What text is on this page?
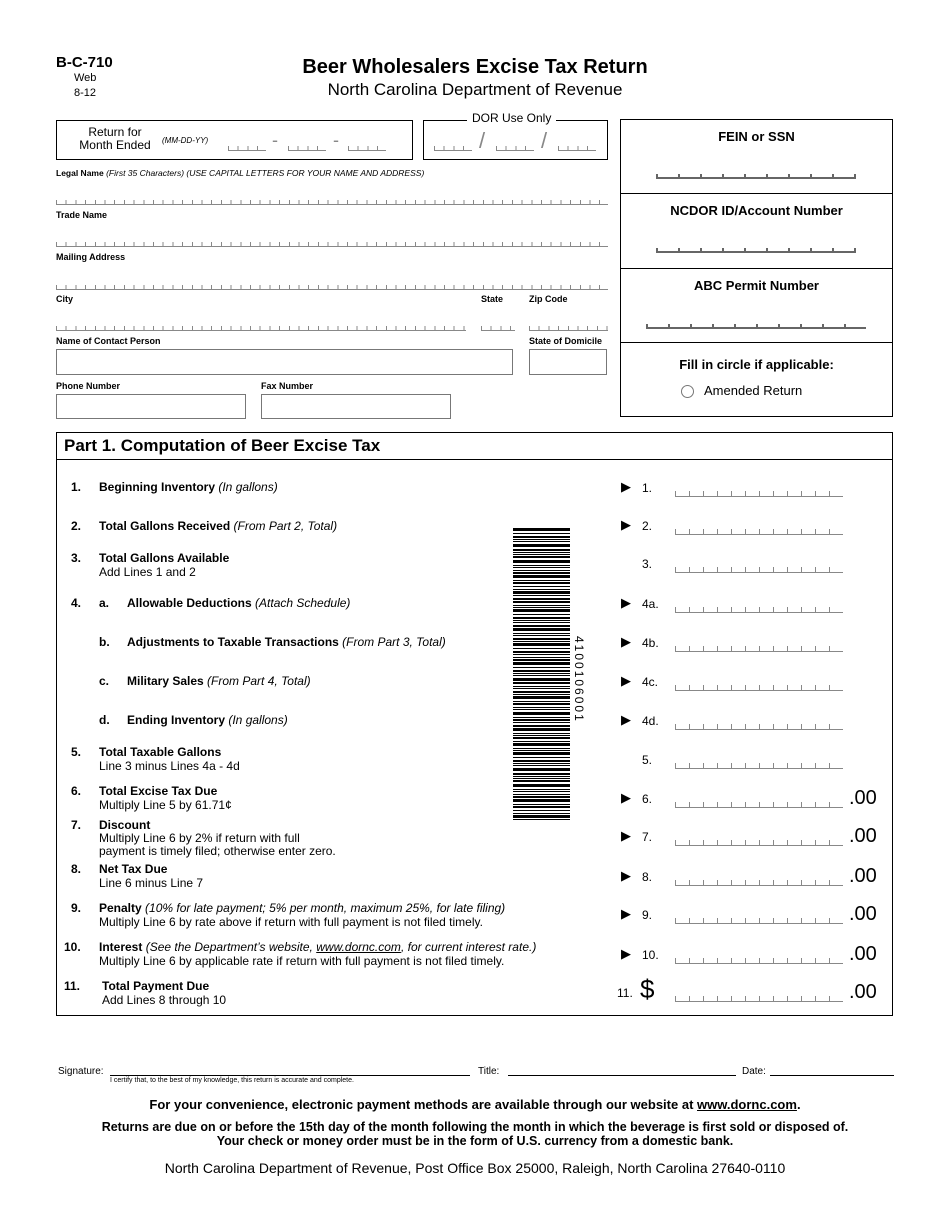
B-C-710
Web
8-12
Beer Wholesalers Excise Tax Return
North Carolina Department of Revenue
Return for
Month Ended	(MM-DD-YY)	-	-
DOR Use Only
/	/	FEIN or SSN
NCDOR ID/Account Number
ABC Permit Number
Fill in circle if applicable:
Amended Return
Legal Name (First 35 Characters) (USE CAPITAL LETTERS FOR YOUR NAME AND ADDRESS)
Trade Name
Mailing Address
City	State	Zip Code
Name of Contact Person	State of Domicile
Phone Number	Fax Number
Part 1. Computation of Beer Excise Tax
4100106001
1. Beginning Inventory (In gallons)	▶ 1.
2. Total Gallons Received (From Part 2, Total)	▶ 2.
3. Total Gallons Available
Add Lines 1 and 2
3.
4. a. Allowable Deductions (Attach Schedule)	▶ 4a.
b. Adjustments to Taxable Transactions (From Part 3, Total)	▶ 4b.
c. Military Sales (From Part 4, Total)	▶ 4c.
d. Ending Inventory (In gallons)	▶ 4d.
5. Total Taxable Gallons
Line 3 minus Lines 4a - 4d	5.
6. Total Excise Tax Due
Multiply Line 5 by 61.71¢	▶ 6.	.00
7. Discount
Multiply Line 6 by 2% if return with full
payment is timely filed; otherwise enter zero.
▶ 7.	.00
8. Net Tax Due
Line 6 minus Line 7	▶ 8.	.00
9. Penalty (10% for late payment; 5% per month, maximum 25%, for late filing)
Multiply Line 6 by rate above if return with full payment is not filed timely.
▶ 9.	.00
10. Interest (See the Department’s website, www.dornc.com, for current interest rate.)
Multiply Line 6 by applicable rate if return with full payment is not filed timely.	▶ 10.	.00
11. Total Payment Due
Add Lines 8 through 10	11. $	.00
Signature:
I certify that, to the best of my knowledge, this return is accurate and complete.
Title:	Date:
For your convenience, electronic payment methods are available through our website at www.dornc.com.
Returns are due on or before the 15th day of the month following the month in which the beverage is first sold or disposed of.
Your check or money order must be in the form of U.S. currency from a domestic bank.
North Carolina Department of Revenue, Post Office Box 25000, Raleigh, North Carolina 27640-0110
